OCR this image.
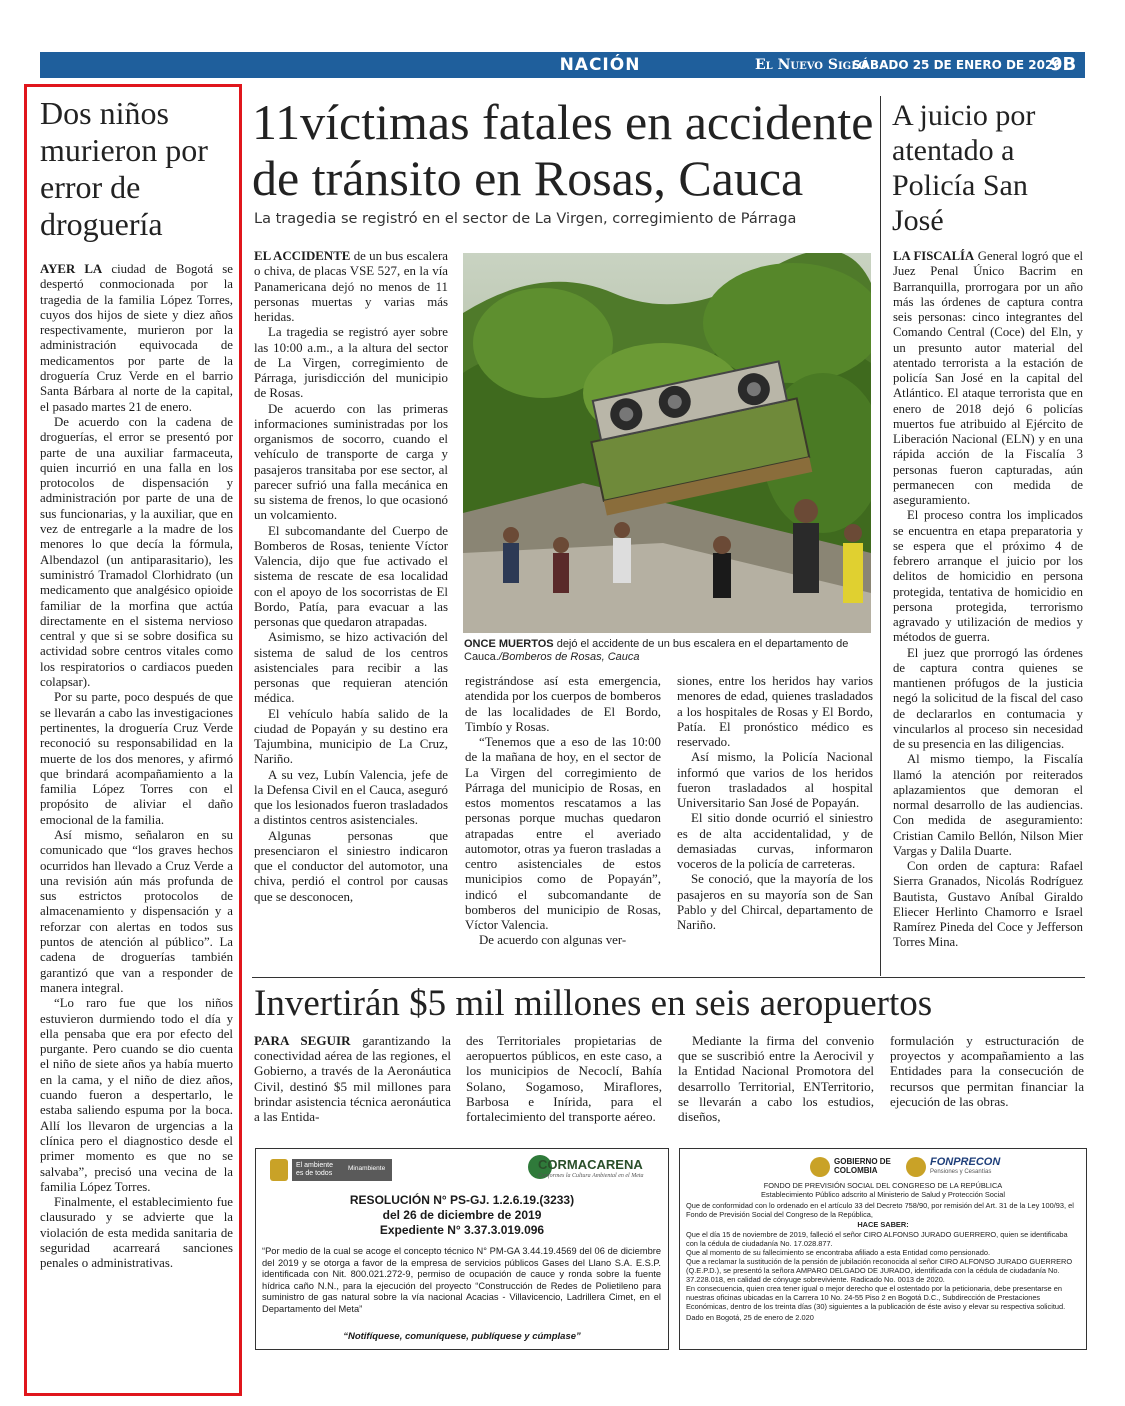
NACIÓN	El Nuevo Siglo
SÁBADO 25 DE ENERO DE 2020
9B
Dos niños murieron por error de droguería

AYER LA ciudad de Bogotá se despertó conmocionada por la tragedia de la familia López Torres, cuyos dos hijos de siete y diez años respectivamente, murieron por la administración equivocada de medicamentos por parte de la droguería Cruz Verde en el barrio Santa Bárbara al norte de la capital, el pasado martes 21 de enero.

De acuerdo con la cadena de droguerías, el error se presentó por parte de una auxiliar farmaceuta, quien incurrió en una falla en los protocolos de dispensación y administración por parte de una de sus funcionarias, y la auxiliar, que en vez de entregarle a la madre de los menores lo que decía la fórmula, Albendazol (un antiparasitario), les suministró Tramadol Clorhidrato (un medicamento que analgésico opioide familiar de la morfina que actúa directamente en el sistema nervioso central y que si se sobre dosifica su actividad sobre centros vitales como los respiratorios o cardiacos pueden colapsar).

Por su parte, poco después de que se llevarán a cabo las investigaciones pertinentes, la droguería Cruz Verde reconoció su responsabilidad en la muerte de los dos menores, y afirmó que brindará acompañamiento a la familia López Torres con el propósito de aliviar el daño emocional de la familia.

Así mismo, señalaron en su comunicado que “los graves hechos ocurridos han llevado a Cruz Verde a una revisión aún más profunda de sus estrictos protocolos de almacenamiento y dispensación y a reforzar con alertas en todos sus puntos de atención al público”. La cadena de droguerías también garantizó que van a responder de manera integral.

“Lo raro fue que los niños estuvieron durmiendo todo el día y ella pensaba que era por efecto del purgante. Pero cuando se dio cuenta el niño de siete años ya había muerto en la cama, y el niño de diez años, cuando fueron a despertarlo, le estaba saliendo espuma por la boca. Allí los llevaron de urgencias a la clínica pero el diagnostico desde el primer momento es que no se salvaba”, precisó una vecina de la familia López Torres.

Finalmente, el establecimiento fue clausurado y se advierte que la violación de esta medida sanitaria de seguridad acarreará sanciones penales o administrativas.

11víctimas fatales en accidente
de tránsito en Rosas, Cauca
La tragedia se registró en el sector de La Virgen, corregimiento de Párraga

EL ACCIDENTE de un bus escalera o chiva, de placas VSE 527, en la vía Panamericana dejó no menos de 11 personas muertas y varias más heridas.

La tragedia se registró ayer sobre las 10:00 a.m., a la altura del sector de La Virgen, corregimiento de Párraga, jurisdicción del municipio de Rosas.

De acuerdo con las primeras informaciones suministradas por los organismos de socorro, cuando el vehículo de transporte de carga y pasajeros transitaba por ese sector, al parecer sufrió una falla mecánica en su sistema de frenos, lo que ocasionó un volcamiento.

El subcomandante del Cuerpo de Bomberos de Rosas, teniente Víctor Valencia, dijo que fue activado el sistema de rescate de esa localidad con el apoyo de los socorristas de El Bordo, Patía, para evacuar a las personas que quedaron atrapadas.

Asimismo, se hizo activación del sistema de salud de los centros asistenciales para recibir a las personas que requieran atención médica.

El vehículo había salido de la ciudad de Popayán y su destino era Tajumbina, municipio de La Cruz, Nariño.

A su vez, Lubín Valencia, jefe de la Defensa Civil en el Cauca, aseguró que los lesionados fueron trasladados a distintos centros asistenciales.

Algunas personas que presenciaron el siniestro indicaron que el conductor del automotor, una chiva, perdió el control por causas que se desconocen,

ONCE MUERTOS dejó el accidente de un bus escalera en el departamento de Cauca./Bomberos de Rosas, Cauca

registrándose así esta emergencia, atendida por los cuerpos de bomberos de las localidades de El Bordo, Timbío y Rosas.

“Tenemos que a eso de las 10:00 de la mañana de hoy, en el sector de La Virgen del corregimiento de Párraga del municipio de Rosas, en estos momentos rescatamos a las personas porque muchas quedaron atrapadas entre el averiado automotor, otras ya fueron trasladas a centro asistenciales de estos municipios como de Popayán”, indicó el subcomandante de bomberos del municipio de Rosas, Víctor Valencia.

De acuerdo con algunas ver-

siones, entre los heridos hay varios menores de edad, quienes trasladados a los hospitales de Rosas y El Bordo, Patía. El pronóstico médico es reservado.

Así mismo, la Policía Nacional informó que varios de los heridos fueron trasladados al hospital Universitario San José de Popayán.

El sitio donde ocurrió el siniestro es de alta accidentalidad, y de demasiadas curvas, informaron voceros de la policía de carreteras.

Se conoció, que la mayoría de los pasajeros en su mayoría son de San Pablo y del Chircal, departamento de Nariño.

A juicio por atentado a Policía San José

LA FISCALÍA General logró que el Juez Penal Único Bacrim en Barranquilla, prorrogara por un año más las órdenes de captura contra seis personas: cinco integrantes del Comando Central (Coce) del Eln, y un presunto autor material del atentado terrorista a la estación de policía San José en la capital del Atlántico. El ataque terrorista que en enero de 2018 dejó 6 policías muertos fue atribuido al Ejército de Liberación Nacional (ELN) y en una rápida acción de la Fiscalía 3 personas fueron capturadas, aún permanecen con medida de aseguramiento.

El proceso contra los implicados se encuentra en etapa preparatoria y se espera que el próximo 4 de febrero arranque el juicio por los delitos de homicidio en persona protegida, tentativa de homicidio en persona protegida, terrorismo agravado y utilización de medios y métodos de guerra.

El juez que prorrogó las órdenes de captura contra quienes se mantienen prófugos de la justicia negó la solicitud de la fiscal del caso de declararlos en contumacia y vincularlos al proceso sin necesidad de su presencia en las diligencias.

Al mismo tiempo, la Fiscalía llamó la atención por reiterados aplazamientos que demoran el normal desarrollo de las audiencias. Con medida de aseguramiento: Cristian Camilo Bellón, Nilson Mier Vargas y Dalila Duarte.

Con orden de captura: Rafael Sierra Granados, Nicolás Rodríguez Bautista, Gustavo Aníbal Giraldo Eliecer Herlinto Chamorro e Israel Ramírez Pineda del Coce y Jefferson Torres Mina.

Invertirán $5 mil millones en seis aeropuertos

PARA SEGUIR garantizando la conectividad aérea de las regiones, el Gobierno, a través de la Aeronáutica Civil, destinó $5 mil millones para brindar asistencia técnica aeronáutica a las Entida-

des Territoriales propietarias de aeropuertos públicos, en este caso, a los municipios de Necoclí, Bahía Solano, Sogamoso, Miraflores, Barbosa e Inírida, para el fortalecimiento del transporte aéreo.

Mediante la firma del convenio que se suscribió entre la Aerocivil y la Entidad Nacional Promotora del desarrollo Territorial, ENTerritorio, se llevarán a cabo los estudios, diseños,

formulación y estructuración de proyectos y acompañamiento a las Entidades para la consecución de recursos que permitan financiar la ejecución de las obras.

El ambiente
es de todos
Minambiente	CORMACARENA
Conformes la Cultura Ambiental en el Meta
RESOLUCIÓN N° PS-GJ. 1.2.6.19.(3233)
del 26 de diciembre de 2019
Expediente N° 3.37.3.019.096
“Por medio de la cual se acoge el concepto técnico N° PM-GA 3.44.19.4569 del 06 de diciembre del 2019 y se otorga a favor de la empresa de servicios públicos Gases del Llano S.A. E.S.P. identificada con Nit. 800.021.272-9, permiso de ocupación de cauce y ronda sobre la fuente hídrica caño N.N., para la ejecución del proyecto “Construcción de Redes de Polietileno para suministro de gas natural sobre la vía nacional Acacias - Villavicencio, Ladrillera Cimet, en el Departamento del Meta”
“Notifíquese, comuníquese, publíquese y cúmplase”
GOBIERNO DE COLOMBIA
FONPRECON
Pensiones y Cesantías
FONDO DE PREVISIÓN SOCIAL DEL CONGRESO DE LA REPÚBLICA
Establecimiento Público adscrito al Ministerio de Salud y Protección Social
Que de conformidad con lo ordenado en el artículo 33 del Decreto 758/90, por remisión del Art. 31 de la Ley 100/93, el Fondo de Previsión Social del Congreso de la República,
HACE SABER:
Que el día 15 de noviembre de 2019, falleció el señor CIRO ALFONSO JURADO GUERRERO, quien se identificaba con la cédula de ciudadanía No. 17.028.877.
Que al momento de su fallecimiento se encontraba afiliado a esta Entidad como pensionado.
Que a reclamar la sustitución de la pensión de jubilación reconocida al señor CIRO ALFONSO JURADO GUERRERO (Q.E.P.D.), se presentó la señora AMPARO DELGADO DE JURADO, identificada con la cédula de ciudadanía No. 37.228.018, en calidad de cónyuge sobreviviente. Radicado No. 0013 de 2020.
En consecuencia, quien crea tener igual o mejor derecho que el ostentado por la peticionaria, debe presentarse en nuestras oficinas ubicadas en la Carrera 10 No. 24-55 Piso 2 en Bogotá D.C., Subdirección de Prestaciones Económicas, dentro de los treinta días (30) siguientes a la publicación de éste aviso y elevar su respectiva solicitud.
Dado en Bogotá, 25 de enero de 2.020
